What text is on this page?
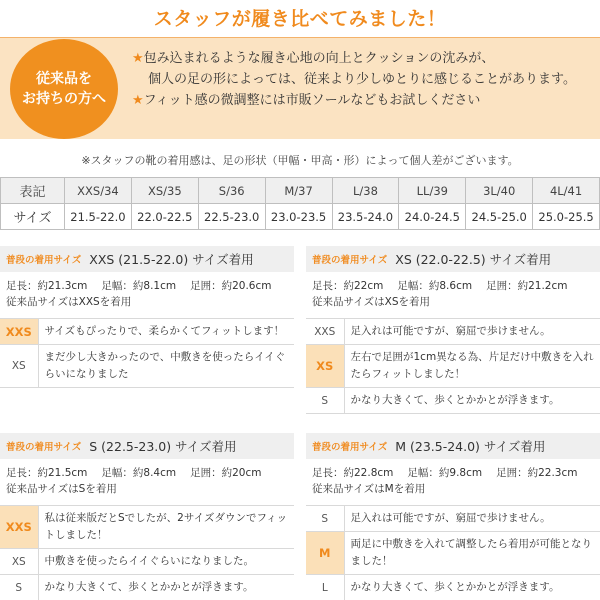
スタッフが履き比べてみました！
従来品を
お持ちの方へ
★包み込まれるような履き心地の向上とクッションの沈みが、
個人の足の形によっては、従来より少しゆとりに感じることがあります。
★フィット感の微調整には市販ソールなどもお試しください
※スタッフの靴の着用感は、足の形状（甲幅・甲高・形）によって個人差がございます。
表記	XXS/34	XS/35	S/36	M/37	L/38	LL/39	3L/40	4L/41
サイズ	21.5-22.0	22.0-22.5	22.5-23.0	23.0-23.5	23.5-24.0	24.0-24.5	24.5-25.0	25.0-25.5
普段の着用サイズ XXS (21.5-22.0) サイズ着用
足長：約21.3cm 足幅：約8.1cm 足囲：約20.6cm
従来品サイズはXXSを着用
XXS	サイズもぴったりで、柔らかくてフィットします！
XS	まだ少し大きかったので、中敷きを使ったらイイぐらいになりました
普段の着用サイズ XS (22.0-22.5) サイズ着用
足長：約22cm 足幅：約8.6cm 足囲：約21.2cm
従来品サイズはXSを着用
XXS	足入れは可能ですが、窮屈で歩けません。
XS	左右で足囲が1cm異なる為、片足だけ中敷きを入れたらフィットしました！
S	かなり大きくて、歩くとかかとが浮きます。
普段の着用サイズ S (22.5-23.0) サイズ着用
足長：約21.5cm 足幅：約8.4cm 足囲：約20cm
従来品サイズはSを着用
XXS	私は従来版だとSでしたが、2サイズダウンでフィットしました！
XS	中敷きを使ったらイイぐらいになりました。
S	かなり大きくて、歩くとかかとが浮きます。
普段の着用サイズ M (23.5-24.0) サイズ着用
足長：約22.8cm 足幅：約9.8cm 足囲：約22.3cm
従来品サイズはMを着用
S	足入れは可能ですが、窮屈で歩けません。
M	両足に中敷きを入れて調整したら着用が可能となりました！
L	かなり大きくて、歩くとかかとが浮きます。
